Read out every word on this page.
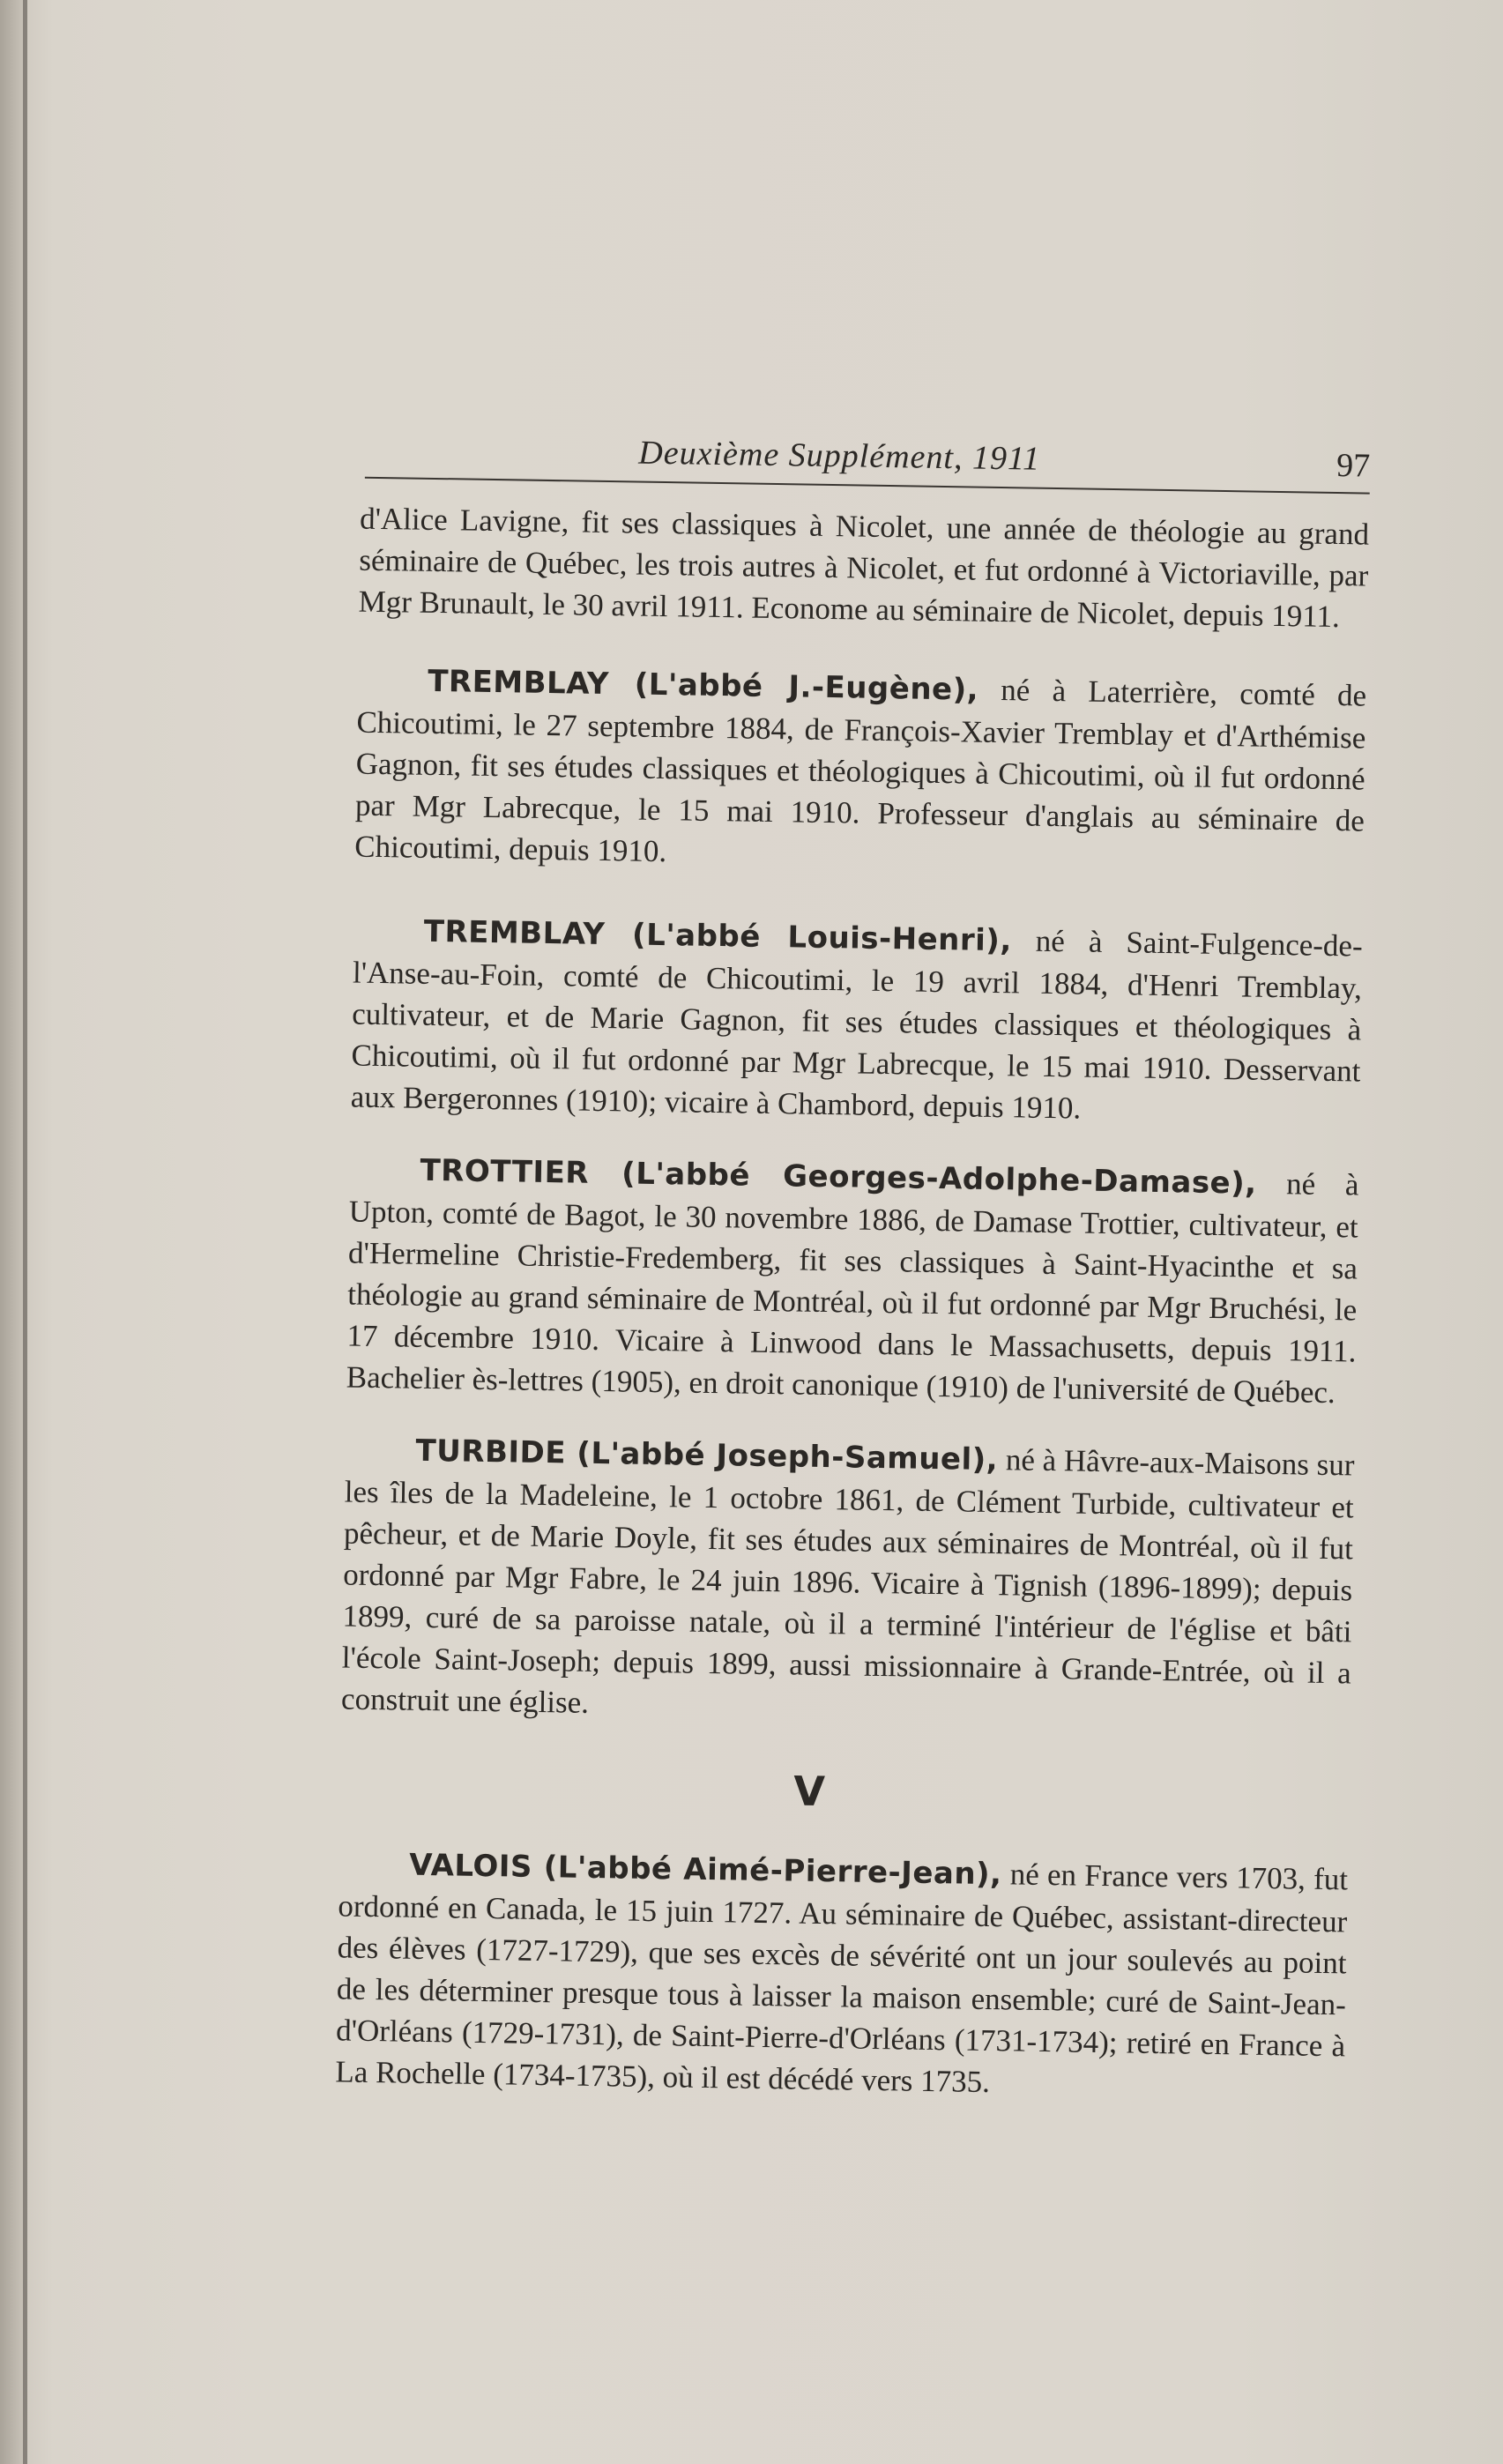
Deuxième Supplément, 1911	97

d'Alice Lavigne, fit ses classiques à Nicolet, une année de théologie au grand séminaire de Québec, les trois autres à Nicolet, et fut ordonné à Victoriaville, par Mgr Brunault, le 30 avril 1911. Econome au séminaire de Nicolet, depuis 1911.

TREMBLAY (L'abbé J.-Eugène), né à Laterrière, comté de Chicoutimi, le 27 septembre 1884, de François-Xavier Tremblay et d'Arthémise Gagnon, fit ses études classiques et théologiques à Chicoutimi, où il fut ordonné par Mgr Labrecque, le 15 mai 1910. Professeur d'anglais au séminaire de Chicoutimi, depuis 1910.

TREMBLAY (L'abbé Louis-Henri), né à Saint-Fulgence-de-l'Anse-au-Foin, comté de Chicoutimi, le 19 avril 1884, d'Henri Tremblay, cultivateur, et de Marie Gagnon, fit ses études classiques et théologiques à Chicoutimi, où il fut ordonné par Mgr Labrecque, le 15 mai 1910. Desservant aux Bergeronnes (1910); vicaire à Chambord, depuis 1910.

TROTTIER (L'abbé Georges-Adolphe-Damase), né à Upton, comté de Bagot, le 30 novembre 1886, de Damase Trottier, cultivateur, et d'Hermeline Christie-Fredemberg, fit ses classiques à Saint-Hyacinthe et sa théologie au grand séminaire de Montréal, où il fut ordonné par Mgr Bruchési, le 17 décembre 1910. Vicaire à Linwood dans le Massachusetts, depuis 1911. Bachelier ès-lettres (1905), en droit canonique (1910) de l'université de Québec.

TURBIDE (L'abbé Joseph-Samuel), né à Hâvre-aux-Maisons sur les îles de la Madeleine, le 1 octobre 1861, de Clément Turbide, cultivateur et pêcheur, et de Marie Doyle, fit ses études aux séminaires de Montréal, où il fut ordonné par Mgr Fabre, le 24 juin 1896. Vicaire à Tignish (1896-1899); depuis 1899, curé de sa paroisse natale, où il a terminé l'intérieur de l'église et bâti l'école Saint-Joseph; depuis 1899, aussi missionnaire à Grande-Entrée, où il a construit une église.

V

VALOIS (L'abbé Aimé-Pierre-Jean), né en France vers 1703, fut ordonné en Canada, le 15 juin 1727. Au séminaire de Québec, assistant-directeur des élèves (1727-1729), que ses excès de sévérité ont un jour soulevés au point de les déterminer presque tous à laisser la maison ensemble; curé de Saint-Jean-d'Orléans (1729-1731), de Saint-Pierre-d'Orléans (1731-1734); retiré en France à La Rochelle (1734-1735), où il est décédé vers 1735.
